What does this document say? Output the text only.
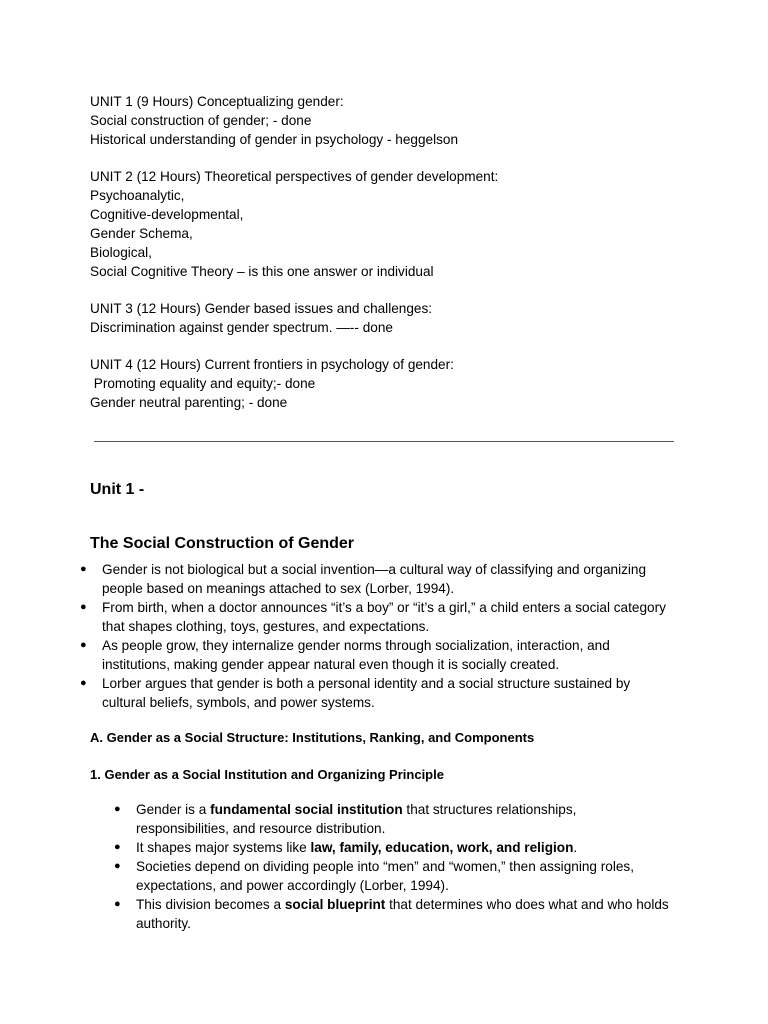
UNIT 1 (9 Hours) Conceptualizing gender:
Social construction of gender; - done
Historical understanding of gender in psychology - heggelson
UNIT 2 (12 Hours) Theoretical perspectives of gender development:
Psychoanalytic,
Cognitive-developmental,
Gender Schema,
Biological,
Social Cognitive Theory – is this one answer or individual
UNIT 3 (12 Hours) Gender based issues and challenges:
Discrimination against gender spectrum. —-- done
UNIT 4 (12 Hours) Current frontiers in psychology of gender:
Promoting equality and equity;- done
Gender neutral parenting; - done
Unit 1 -
The Social Construction of Gender
● Gender is not biological but a social invention—a cultural way of classifying and organizing
people based on meanings attached to sex (Lorber, 1994).
● From birth, when a doctor announces “it’s a boy” or “it’s a girl,” a child enters a social category
that shapes clothing, toys, gestures, and expectations.
● As people grow, they internalize gender norms through socialization, interaction, and
institutions, making gender appear natural even though it is socially created.
● Lorber argues that gender is both a personal identity and a social structure sustained by
cultural beliefs, symbols, and power systems.
A. Gender as a Social Structure: Institutions, Ranking, and Components
1. Gender as a Social Institution and Organizing Principle
● Gender is a fundamental social institution that structures relationships,
responsibilities, and resource distribution.
● It shapes major systems like law, family, education, work, and religion.
● Societies depend on dividing people into “men” and “women,” then assigning roles,
expectations, and power accordingly (Lorber, 1994).
● This division becomes a social blueprint that determines who does what and who holds
authority.
